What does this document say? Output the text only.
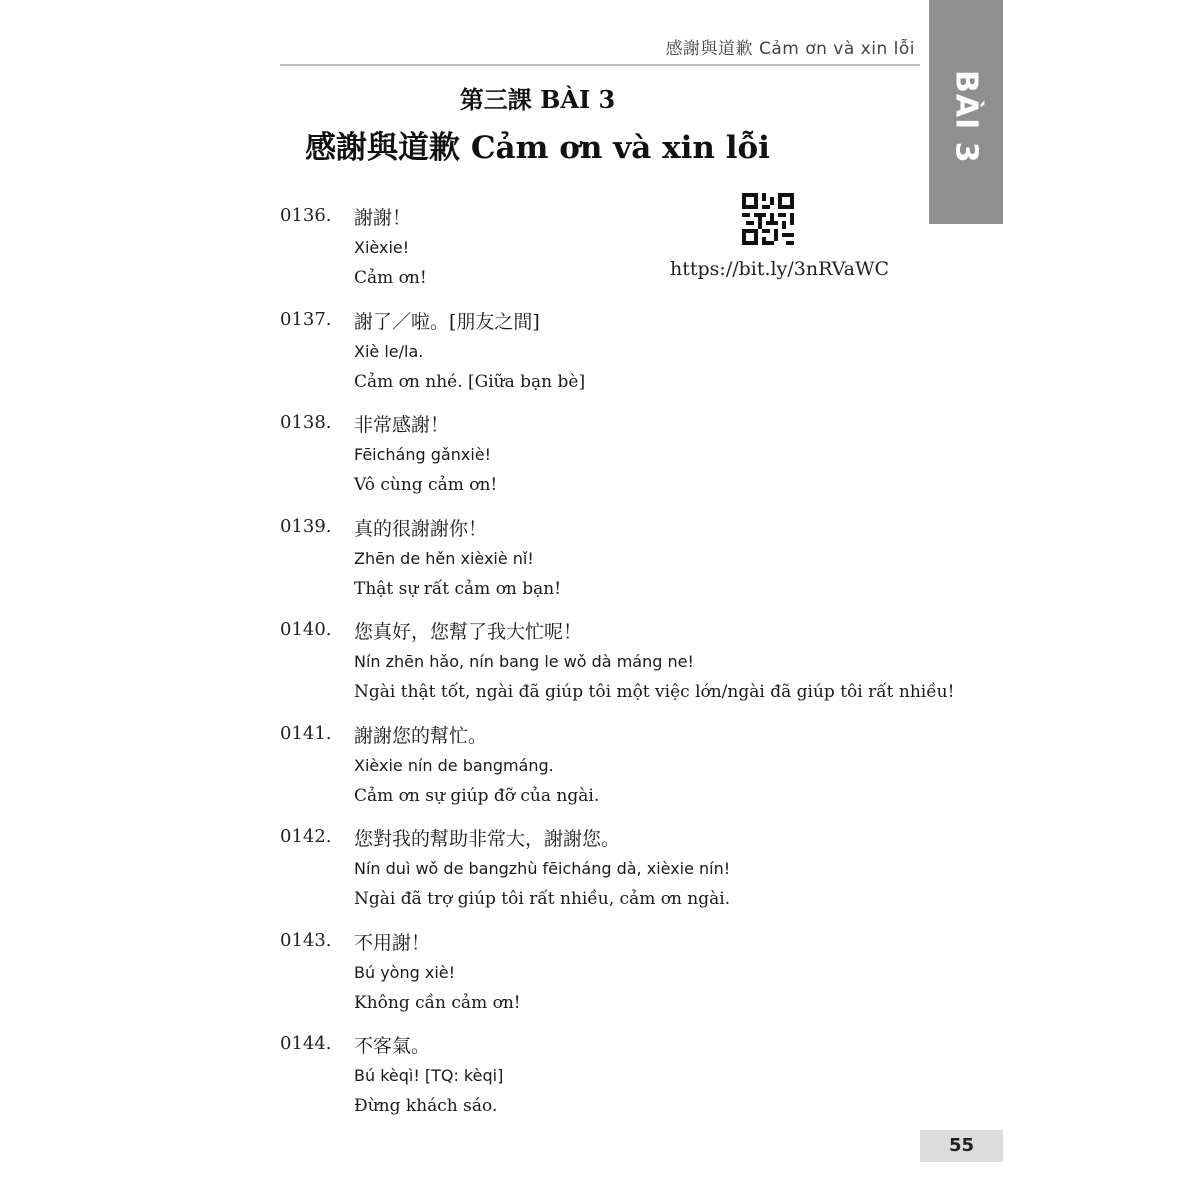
感謝與道歉 Cảm ơn và xin lỗi
BÀI 3
第三課 BÀI 3
感謝與道歉 Cảm ơn và xin lỗi
https://bit.ly/3nRVaWC
0136. 謝謝！
Xièxie!
Cảm ơn!
0137. 謝了／啦。[朋友之間]
Xiè le/la.
Cảm ơn nhé. [Giữa bạn bè]
0138. 非常感謝！
Fēicháng gǎnxiè!
Vô cùng cảm ơn!
0139. 真的很謝謝你！
Zhēn de hěn xièxiè nǐ!
Thật sự rất cảm ơn bạn!
0140. 您真好，您幫了我大忙呢！
Nín zhēn hǎo, nín bang le wǒ dà máng ne!
Ngài thật tốt, ngài đã giúp tôi một việc lớn/ngài đã giúp tôi rất nhiều!
0141. 謝謝您的幫忙。
Xièxie nín de bangmáng.
Cảm ơn sự giúp đỡ của ngài.
0142. 您對我的幫助非常大，謝謝您。
Nín duì wǒ de bangzhù fēicháng dà, xièxie nín!
Ngài đã trợ giúp tôi rất nhiều, cảm ơn ngài.
0143. 不用謝！
Bú yòng xiè!
Không cần cảm ơn!
0144. 不客氣。
Bú kèqì! [TQ: kèqi]
Đừng khách sáo.
55
